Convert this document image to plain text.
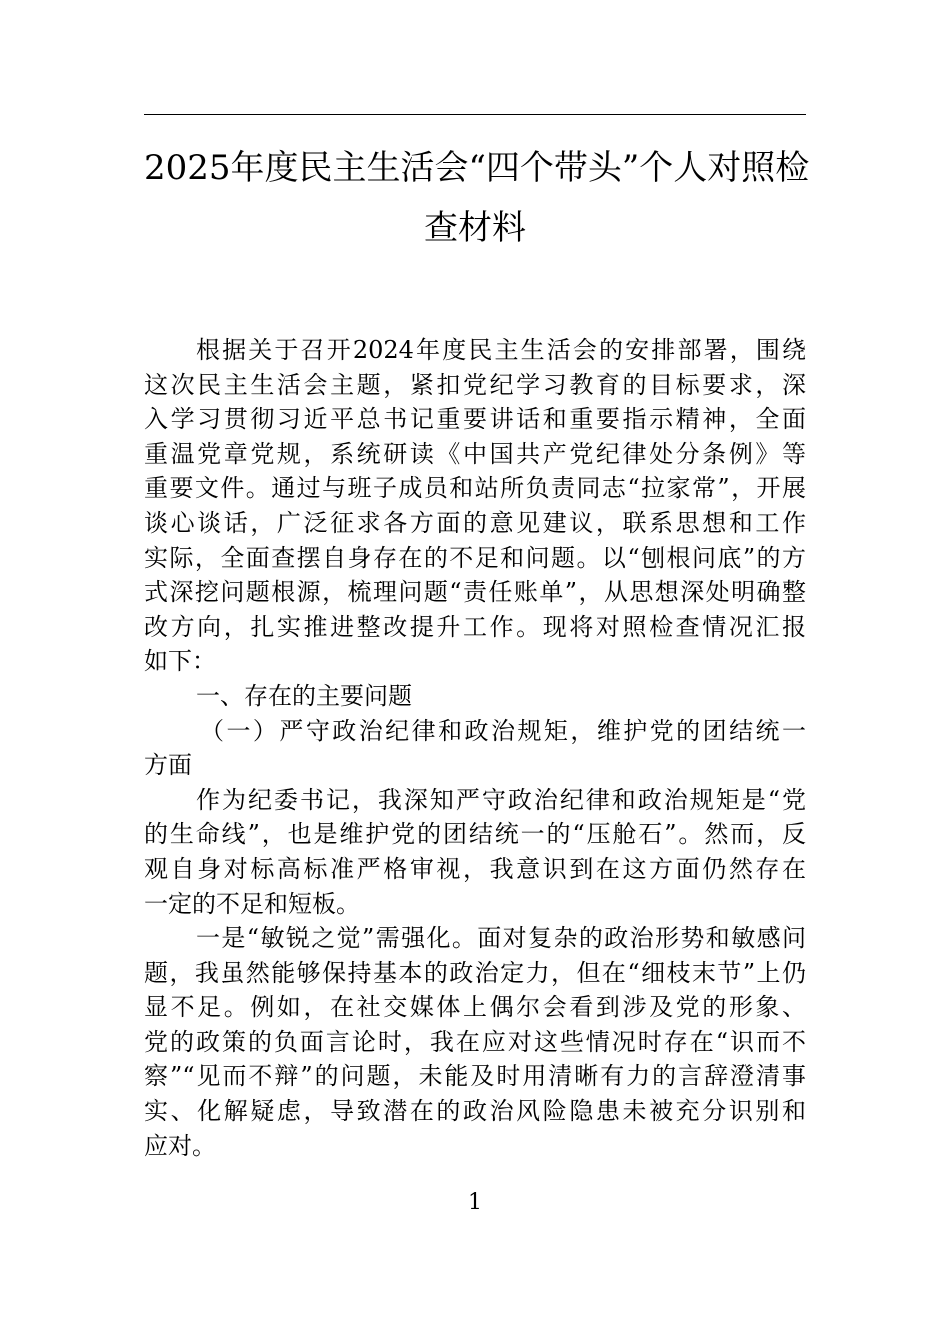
2025年度民主生活会“四个带头”个人对照检
查材料
根据关于召开2024年度民主生活会的安排部署，围绕
这次民主生活会主题，紧扣党纪学习教育的目标要求，深
入学习贯彻习近平总书记重要讲话和重要指示精神，全面
重温党章党规，系统研读《中国共产党纪律处分条例》等
重要文件。通过与班子成员和站所负责同志“拉家常”，开展
谈心谈话，广泛征求各方面的意见建议，联系思想和工作
实际，全面查摆自身存在的不足和问题。以“刨根问底”的方
式深挖问题根源，梳理问题“责任账单”，从思想深处明确整
改方向，扎实推进整改提升工作。现将对照检查情况汇报
如下：
一、存在的主要问题
（一）严守政治纪律和政治规矩，维护党的团结统一
方面
作为纪委书记，我深知严守政治纪律和政治规矩是“党
的生命线”，也是维护党的团结统一的“压舱石”。然而，反
观自身对标高标准严格审视，我意识到在这方面仍然存在
一定的不足和短板。
一是“敏锐之觉”需强化。面对复杂的政治形势和敏感问
题，我虽然能够保持基本的政治定力，但在“细枝末节”上仍
显不足。例如，在社交媒体上偶尔会看到涉及党的形象、
党的政策的负面言论时，我在应对这些情况时存在“识而不
察”“见而不辩”的问题，未能及时用清晰有力的言辞澄清事
实、化解疑虑，导致潜在的政治风险隐患未被充分识别和
应对。
1
